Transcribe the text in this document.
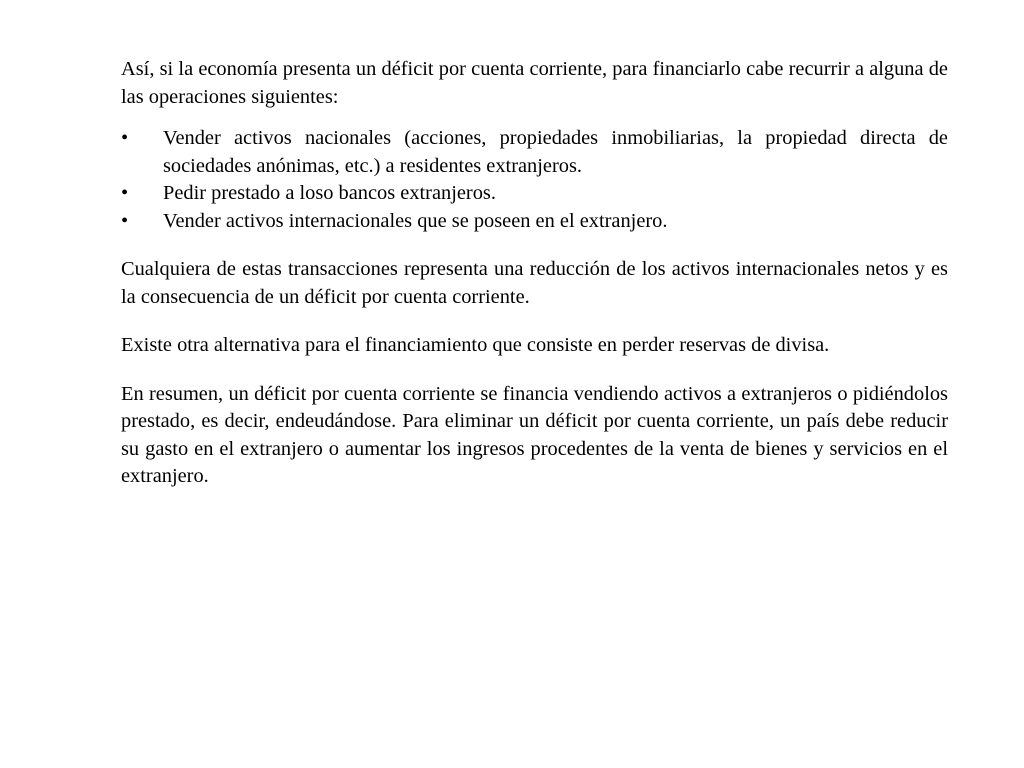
Así, si la economía presenta un déficit por cuenta corriente, para financiarlo cabe recurrir a alguna de las operaciones siguientes:

• Vender activos nacionales (acciones, propiedades inmobiliarias, la propiedad directa de sociedades anónimas, etc.) a residentes extranjeros.
• Pedir prestado a loso bancos extranjeros.
• Vender activos internacionales que se poseen en el extranjero.

Cualquiera de estas transacciones representa una reducción de los activos internacionales netos y es la consecuencia de un déficit por cuenta corriente.

Existe otra alternativa para el financiamiento que consiste en perder reservas de divisa.

En resumen, un déficit por cuenta corriente se financia vendiendo activos a extranjeros o pidiéndolos prestado, es decir, endeudándose. Para eliminar un déficit por cuenta corriente, un país debe reducir su gasto en el extranjero o aumentar los ingresos procedentes de la venta de bienes y servicios en el extranjero.
